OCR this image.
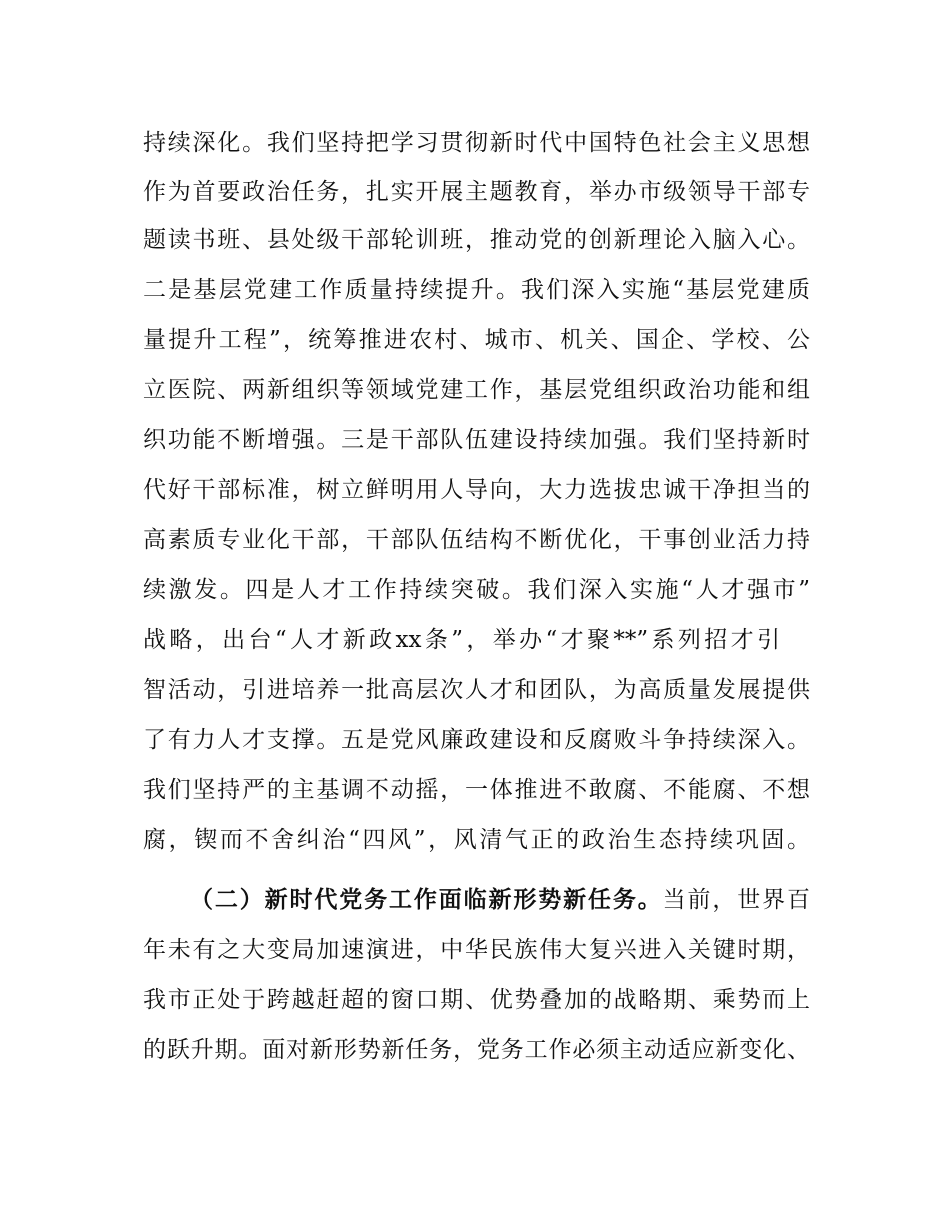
持续深化。我们坚持把学习贯彻新时代中国特色社会主义思想
作为首要政治任务，扎实开展主题教育，举办市级领导干部专
题读书班、县处级干部轮训班，推动党的创新理论入脑入心。
二是基层党建工作质量持续提升。我们深入实施“基层党建质
量提升工程”，统筹推进农村、城市、机关、国企、学校、公
立医院、两新组织等领域党建工作，基层党组织政治功能和组
织功能不断增强。三是干部队伍建设持续加强。我们坚持新时
代好干部标准，树立鲜明用人导向，大力选拔忠诚干净担当的
高素质专业化干部，干部队伍结构不断优化，干事创业活力持
续激发。四是人才工作持续突破。我们深入实施“人才强市”
战略，出台“人才新政xx条”，举办“才聚**”系列招才引
智活动，引进培养一批高层次人才和团队，为高质量发展提供
了有力人才支撑。五是党风廉政建设和反腐败斗争持续深入。
我们坚持严的主基调不动摇，一体推进不敢腐、不能腐、不想
腐，锲而不舍纠治“四风”，风清气正的政治生态持续巩固。
（二）新时代党务工作面临新形势新任务。当前，世界百
年未有之大变局加速演进，中华民族伟大复兴进入关键时期，
我市正处于跨越赶超的窗口期、优势叠加的战略期、乘势而上
的跃升期。面对新形势新任务，党务工作必须主动适应新变化、
